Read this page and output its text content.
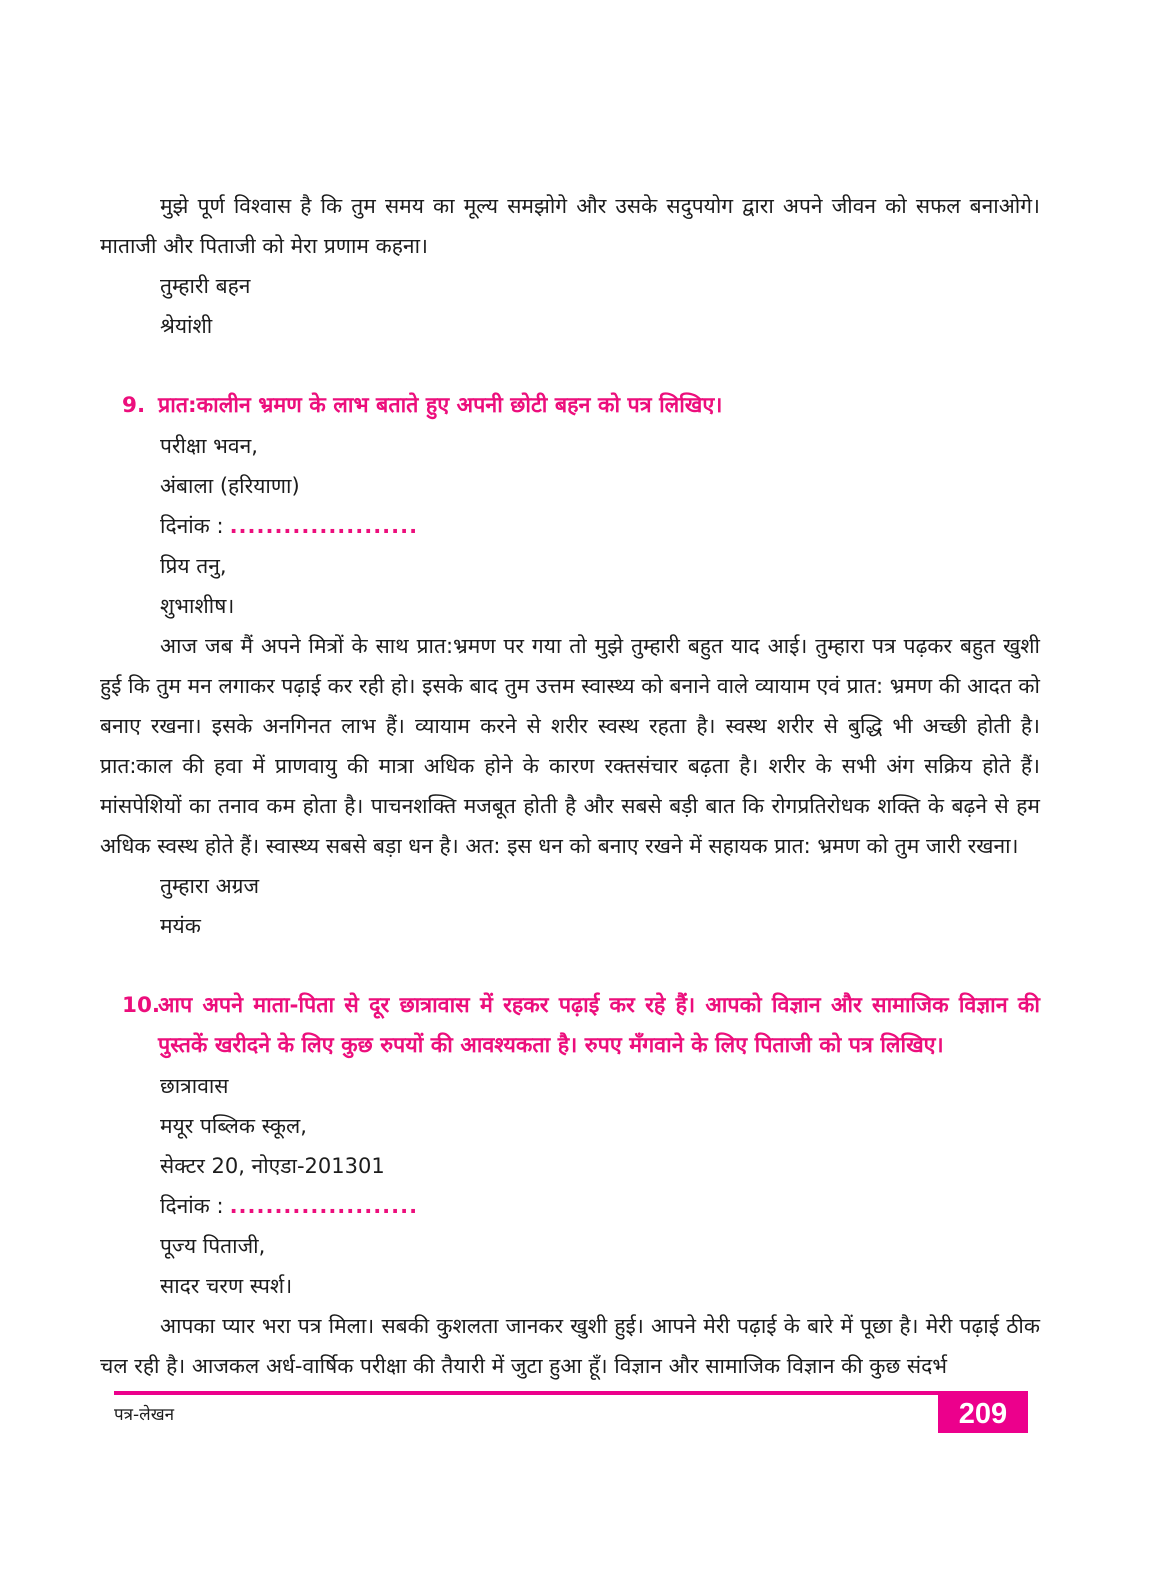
मुझे पूर्ण विश्वास है कि तुम समय का मूल्य समझोगे और उसके सदुपयोग द्वारा अपने जीवन को सफल बनाओगे। माताजी और पिताजी को मेरा प्रणाम कहना।
तुम्हारी बहन
श्रेयांशी
9. प्रात:कालीन भ्रमण के लाभ बताते हुए अपनी छोटी बहन को पत्र लिखिए।
परीक्षा भवन,
अंबाला (हरियाणा)
दिनांक : .....................
प्रिय तनु,
शुभाशीष।
आज जब मैं अपने मित्रों के साथ प्रात:भ्रमण पर गया तो मुझे तुम्हारी बहुत याद आई। तुम्हारा पत्र पढ़कर बहुत खुशी हुई कि तुम मन लगाकर पढ़ाई कर रही हो। इसके बाद तुम उत्तम स्वास्थ्य को बनाने वाले व्यायाम एवं प्रात: भ्रमण की आदत को बनाए रखना। इसके अनगिनत लाभ हैं। व्यायाम करने से शरीर स्वस्थ रहता है। स्वस्थ शरीर से बुद्धि भी अच्छी होती है। प्रात:काल की हवा में प्राणवायु की मात्रा अधिक होने के कारण रक्तसंचार बढ़ता है। शरीर के सभी अंग सक्रिय होते हैं। मांसपेशियों का तनाव कम होता है। पाचनशक्ति मजबूत होती है और सबसे बड़ी बात कि रोगप्रतिरोधक शक्ति के बढ़ने से हम अधिक स्वस्थ होते हैं। स्वास्थ्य सबसे बड़ा धन है। अत: इस धन को बनाए रखने में सहायक प्रात: भ्रमण को तुम जारी रखना।
तुम्हारा अग्रज
मयंक
10.
आप अपने माता-पिता से दूर छात्रावास में रहकर पढ़ाई कर रहे हैं। आपको विज्ञान और सामाजिक विज्ञान की पुस्तकें खरीदने के लिए कुछ रुपयों की आवश्यकता है। रुपए मँगवाने के लिए पिताजी को पत्र लिखिए।
छात्रावास
मयूर पब्लिक स्कूल,
सेक्टर 20, नोएडा-201301
दिनांक : .....................
पूज्य पिताजी,
सादर चरण स्पर्श।
आपका प्यार भरा पत्र मिला। सबकी कुशलता जानकर खुशी हुई। आपने मेरी पढ़ाई के बारे में पूछा है। मेरी पढ़ाई ठीक चल रही है। आजकल अर्ध-वार्षिक परीक्षा की तैयारी में जुटा हुआ हूँ। विज्ञान और सामाजिक विज्ञान की कुछ संदर्भ
209
पत्र-लेखन
